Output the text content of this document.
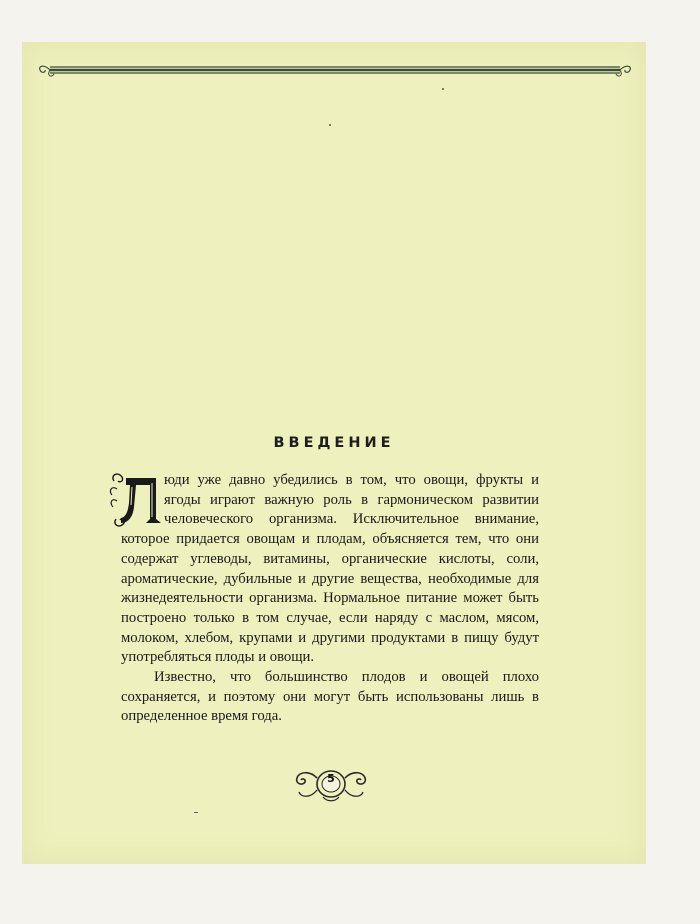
ВВЕДЕНИЕ
Л

юди уже давно убедились в том, что овощи, фрукты и ягоды играют важную роль в гармоническом развитии человеческого организма. Исключительное внимание, которое придается овощам и плодам, объясняется тем, что они содержат углеводы, витамины, органические кислоты, соли, ароматические, дубильные и другие вещества, необходимые для жизнедеятельности организма. Нормальное питание может быть построено только в том случае, если наряду с маслом, мясом, молоком, хлебом, крупами и другими продуктами в пищу будут употребляться плоды и овощи.

Известно, что большинство плодов и овощей плохо сохраняется, и поэтому они могут быть использованы лишь в определенное время года.

5
